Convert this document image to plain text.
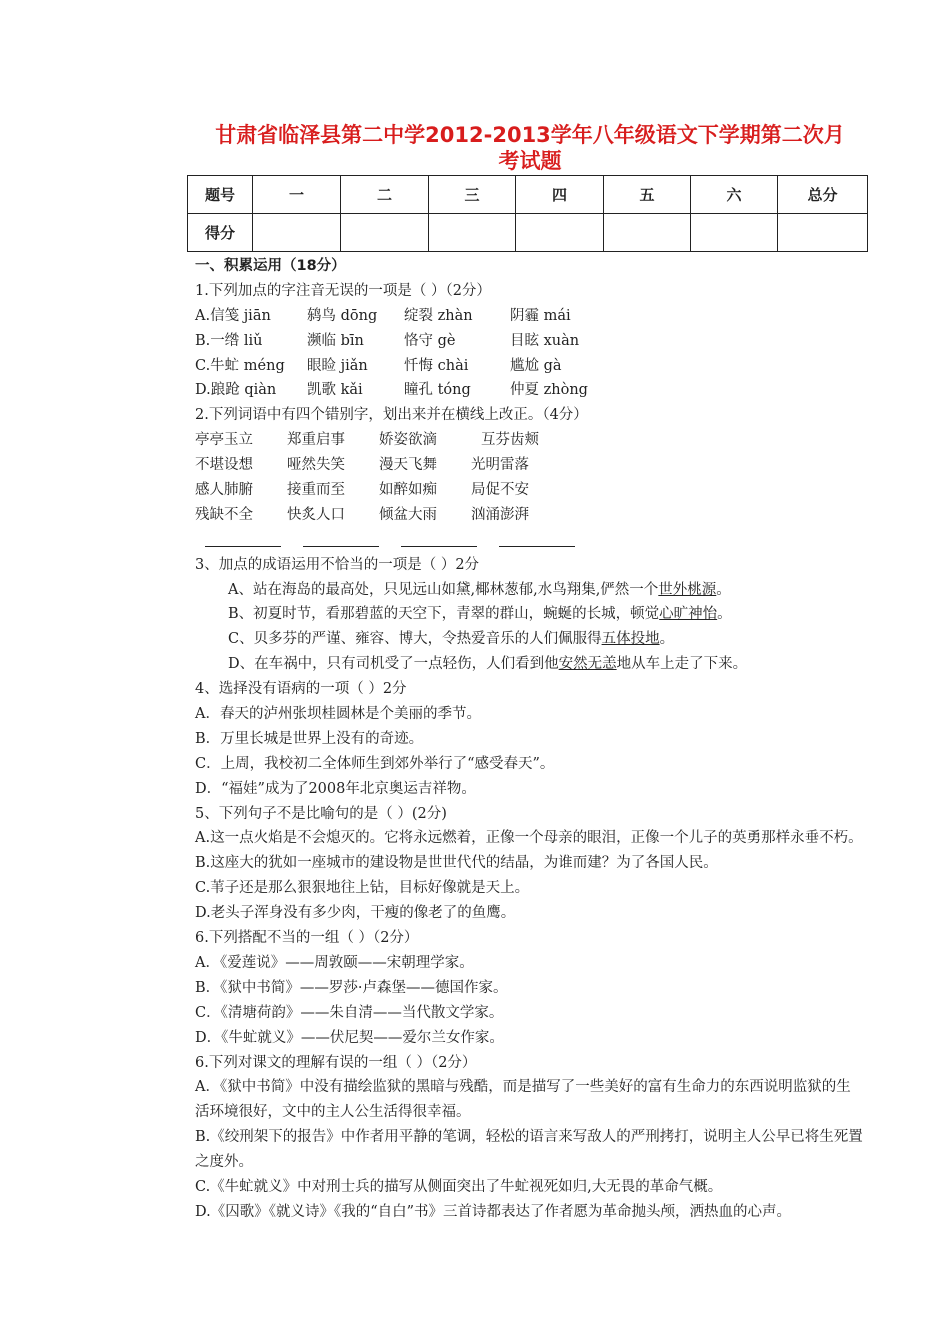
甘肃省临泽县第二中学2012-2013学年八年级语文下学期第二次月
考试题
题号	一	二	三	四	五	六	总分
得分							
一、积累运用（18分）
1.下列加点的字注音无误的一项是（ ）（2分）
A.信笺 jiān 鸫鸟 dōng 绽裂 zhàn	阴霾 mái
B.一绺 liǔ	濒临 bīn	恪守 gè	目眩 xuàn
C.牛虻 méng 眼睑 jiǎn	忏悔 chài	尴尬 gà
D.踉跄 qiàn 凯歌 kǎi	瞳孔 tóng	仲夏 zhòng
2.下列词语中有四个错别字，划出来并在横线上改正。（4分）
亭亭玉立 郑重启事 娇姿欲滴	互芬齿颊
不堪设想 哑然失笑 漫天飞舞 光明雷落
感人肺腑 接重而至 如醉如痴 局促不安
残缺不全 快炙人口 倾盆大雨 汹涌澎湃
3、加点的成语运用不恰当的一项是（ ）2分
A、站在海岛的最高处，只见远山如黛,椰林葱郁,水鸟翔集,俨然一个世外桃源。
B、初夏时节，看那碧蓝的天空下，青翠的群山，蜿蜒的长城，顿觉心旷神怡。
C、贝多芬的严谨、雍容、博大，令热爱音乐的人们佩服得五体投地。
D、在车祸中，只有司机受了一点轻伤，人们看到他安然无恙地从车上走了下来。
4、选择没有语病的一项（ ）2分
A．春天的泸州张坝桂圆林是个美丽的季节。
B．万里长城是世界上没有的奇迹。
C．上周，我校初二全体师生到郊外举行了“感受春天”。
D．“福娃”成为了2008年北京奥运吉祥物。
5、下列句子不是比喻句的是（ ）(2分)
A.这一点火焰是不会熄灭的。它将永远燃着，正像一个母亲的眼泪，正像一个儿子的英勇那样永垂不朽。
B.这座大的犹如一座城市的建设物是世世代代的结晶，为谁而建？为了各国人民。
C.苇子还是那么狠狠地往上钻，目标好像就是天上。
D.老头子浑身没有多少肉，干瘦的像老了的鱼鹰。
6.下列搭配不当的一组（ ）（2分）
A．《爱莲说》——周敦颐——宋朝理学家。
B．《狱中书简》——罗莎·卢森堡——德国作家。
C．《清塘荷韵》——朱自清——当代散文学家。
D．《牛虻就义》——伏尼契——爱尔兰女作家。
6.下列对课文的理解有误的一组（ ）（2分）
A．《狱中书简》中没有描绘监狱的黑暗与残酷，而是描写了一些美好的富有生命力的东西说明监狱的生活环境很好，文中的主人公生活得很幸福。
B.《绞刑架下的报告》中作者用平静的笔调，轻松的语言来写敌人的严刑拷打，说明主人公早已将生死置之度外。
C.《牛虻就义》中对刑士兵的描写从侧面突出了牛虻视死如归,大无畏的革命气概。
D.《囚歌》《就义诗》《我的“自白”书》三首诗都表达了作者愿为革命抛头颅，洒热血的心声。
